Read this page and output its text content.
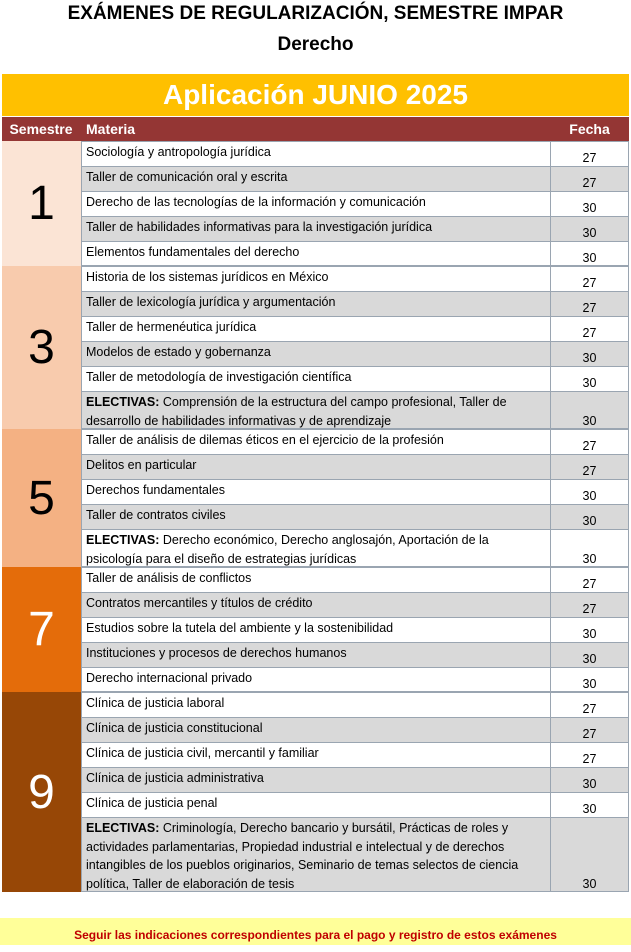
EXÁMENES DE REGULARIZACIÓN, SEMESTRE IMPAR
Derecho
Aplicación JUNIO 2025
Semestre Materia	Fecha
1
Sociología y antropología jurídica	27
Taller de comunicación oral y escrita	27
Derecho de las tecnologías de la información y comunicación	30
Taller de habilidades informativas para la investigación jurídica	30
Elementos fundamentales del derecho	30
3
Historia de los sistemas jurídicos en México	27
Taller de lexicología jurídica y argumentación	27
Taller de hermenéutica jurídica	27
Modelos de estado y gobernanza	30
Taller de metodología de investigación científica	30
ELECTIVAS: Comprensión de la estructura del campo profesional, Taller de desarrollo de habilidades informativas y de aprendizaje	30
5
Taller de análisis de dilemas éticos en el ejercicio de la profesión	27
Delitos en particular	27
Derechos fundamentales	30
Taller de contratos civiles	30
ELECTIVAS: Derecho económico, Derecho anglosajón, Aportación de la psicología para el diseño de estrategias jurídicas	30
7
Taller de análisis de conflictos	27
Contratos mercantiles y títulos de crédito	27
Estudios sobre la tutela del ambiente y la sostenibilidad	30
Instituciones y procesos de derechos humanos	30
Derecho internacional privado	30
9
Clínica de justicia laboral	27
Clínica de justicia constitucional	27
Clínica de justicia civil, mercantil y familiar	27
Clínica de justicia administrativa	30
Clínica de justicia penal	30
ELECTIVAS: Criminología, Derecho bancario y bursátil, Prácticas de roles y actividades parlamentarias, Propiedad industrial e intelectual y de derechos intangibles de los pueblos originarios, Seminario de temas selectos de ciencia política, Taller de elaboración de tesis	30
Seguir las indicaciones correspondientes para el pago y registro de estos exámenes
